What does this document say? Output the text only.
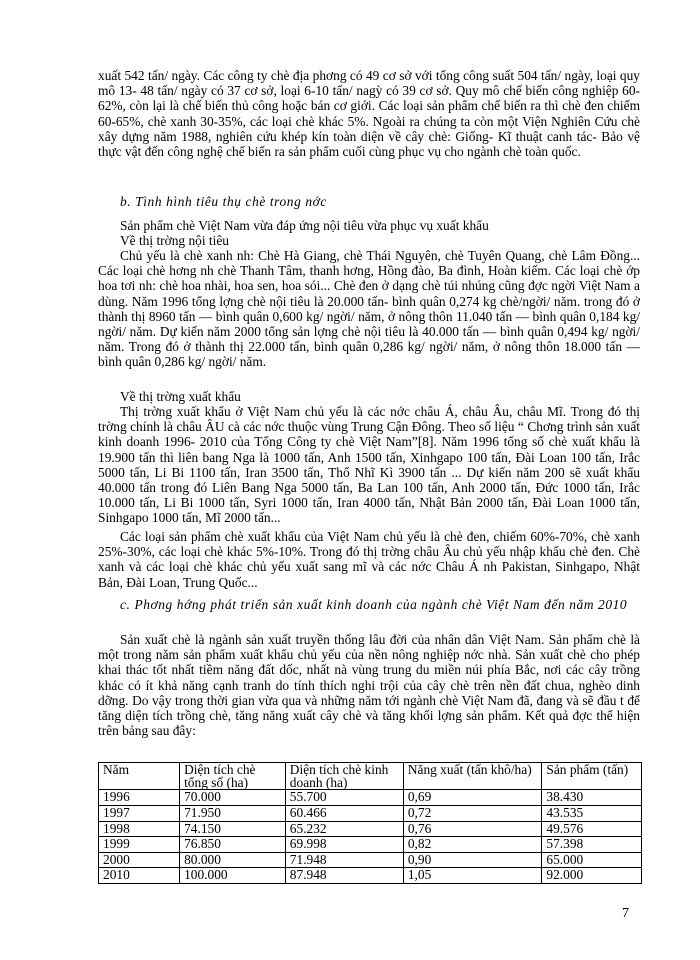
xuất 542 tấn/ ngày. Các công ty chè địa phơng có 49 cơ sở với tổng công suất 504 tấn/ ngày, loại quy mô 13- 48 tấn/ ngày có 37 cơ sở, loại 6-10 tấn/ nagỳ có 39 cơ sở. Quy mô chế biến công nghiệp 60-62%, còn lại là chế biến thủ công hoặc bán cơ giới. Các loại sản phẩm chế biến ra thì chè đen chiếm 60-65%, chè xanh 30-35%, các loại chè khác 5%. Ngoài ra chúng ta còn một Viện Nghiên Cứu chè xây dựng năm 1988, nghiên cứu khép kín toàn diện về cây chè: Giống- Kĩ thuật canh tác- Bảo vệ thực vật đến công nghệ chế biến ra sản phẩm cuối cùng phục vụ cho ngành chè toàn quốc.

b. Tình hình tiêu thụ chè trong nớc

Sản phẩm chè Việt Nam vừa đáp ứng nội tiêu vừa phục vụ xuất khẩu

Về thị trờng nội tiêu

Chủ yếu là chè xanh nh: Chè Hà Giang, chè Thái Nguyên, chè Tuyên Quang, chè Lâm Đồng... Các loại chè hơng nh chè Thanh Tâm, thanh hơng, Hồng đào, Ba đình, Hoàn kiếm. Các loại chè ớp hoa tơi nh: chè hoa nhài, hoa sen, hoa sói... Chè đen ở dạng chè túi nhúng cũng đợc ngời Việt Nam a dùng. Năm 1996 tổng lợng chè nội tiêu là 20.000 tấn- bình quân 0,274 kg chè/ngời/ năm. trong đó ở thành thị 8960 tấn — bình quân 0,600 kg/ ngời/ năm, ở nông thôn 11.040 tấn — bình quân 0,184 kg/ ngời/ năm. Dự kiến năm 2000 tổng sản lợng chè nội tiêu là 40.000 tấn — bình quân 0,494 kg/ ngời/ năm. Trong đó ở thành thị 22.000 tấn, bình quân 0,286 kg/ ngời/ năm, ở nông thôn 18.000 tấn — bình quân 0,286 kg/ ngời/ năm.

Về thị trờng xuất khẩu

Thị trờng xuất khẩu ở Việt Nam chủ yếu là các nớc châu Á, châu Âu, châu Mĩ. Trong đó thị trờng chính là châu ÂU cà các nớc thuộc vùng Trung Cận Đông. Theo số liệu “ Chơng trình sản xuất kinh doanh 1996- 2010 của Tổng Công ty chè Việt Nam”[8]. Năm 1996 tổng số chè xuất khẩu là 19.900 tấn thì liên bang Nga là 1000 tấn, Anh 1500 tấn, Xinhgapo 100 tấn, Đài Loan 100 tấn, Irắc 5000 tấn, Li Bi 1100 tấn, Iran 3500 tấn, Thổ Nhĩ Kì 3900 tấn ... Dự kiến năm 200 sẽ xuất khẩu 40.000 tấn trong đó Liên Bang Nga 5000 tấn, Ba Lan 100 tấn, Anh 2000 tấn, Đức 1000 tấn, Irắc 10.000 tấn, Li Bi 1000 tấn, Syri 1000 tấn, Iran 4000 tấn, Nhật Bản 2000 tấn, Đài Loan 1000 tấn, Sinhgapo 1000 tấn, Mĩ 2000 tấn...

Các loại sản phẩm chè xuất khẩu của Việt Nam chủ yếu là chè đen, chiếm 60%-70%, chè xanh 25%-30%, các loại chè khác 5%-10%. Trong đó thị trờng châu Âu chủ yếu nhập khẩu chè đen. Chè xanh và các loại chè khác chủ yếu xuất sang mĩ và các nớc Châu Á nh Pakistan, Sinhgapo, Nhật Bản, Đài Loan, Trung Quốc...

c. Phơng hớng phát triển sản xuất kinh doanh của ngành chè Việt Nam đến năm 2010

Sản xuất chè là ngành sản xuất truyền thống lâu đời của nhân dân Việt Nam. Sản phẩm chè là một trong năm sản phẩm xuất khẩu chủ yếu của nền nông nghiệp nớc nhà. Sản xuất chè cho phép khai thác tốt nhất tiềm năng đất dốc, nhất nà vùng trung du miền núi phía Bắc, nơi các cây trồng khác có ít khả năng cạnh tranh do tính thích nghi trội của cây chè trên nền đất chua, nghèo dinh dỡng. Do vậy trong thời gian vừa qua và những năm tới ngành chè Việt Nam đã, đang và sẽ đầu t để tăng diện tích trồng chè, tăng năng xuất cây chè và tăng khối lợng sản phẩm. Kết quả đợc thể hiện trên bảng sau đây:

Năm	Diện tích chè tổng số (ha)	Diện tích chè kinh doanh (ha)	Năng xuất (tấn khô/ha)	Sản phẩm (tấn)
1996	70.000	55.700	0,69	38.430
1997	71.950	60.466	0,72	43.535
1998	74.150	65.232	0,76	49.576
1999	76.850	69.998	0,82	57.398
2000	80.000	71.948	0,90	65.000
2010	100.000	87.948	1,05	92.000
7
